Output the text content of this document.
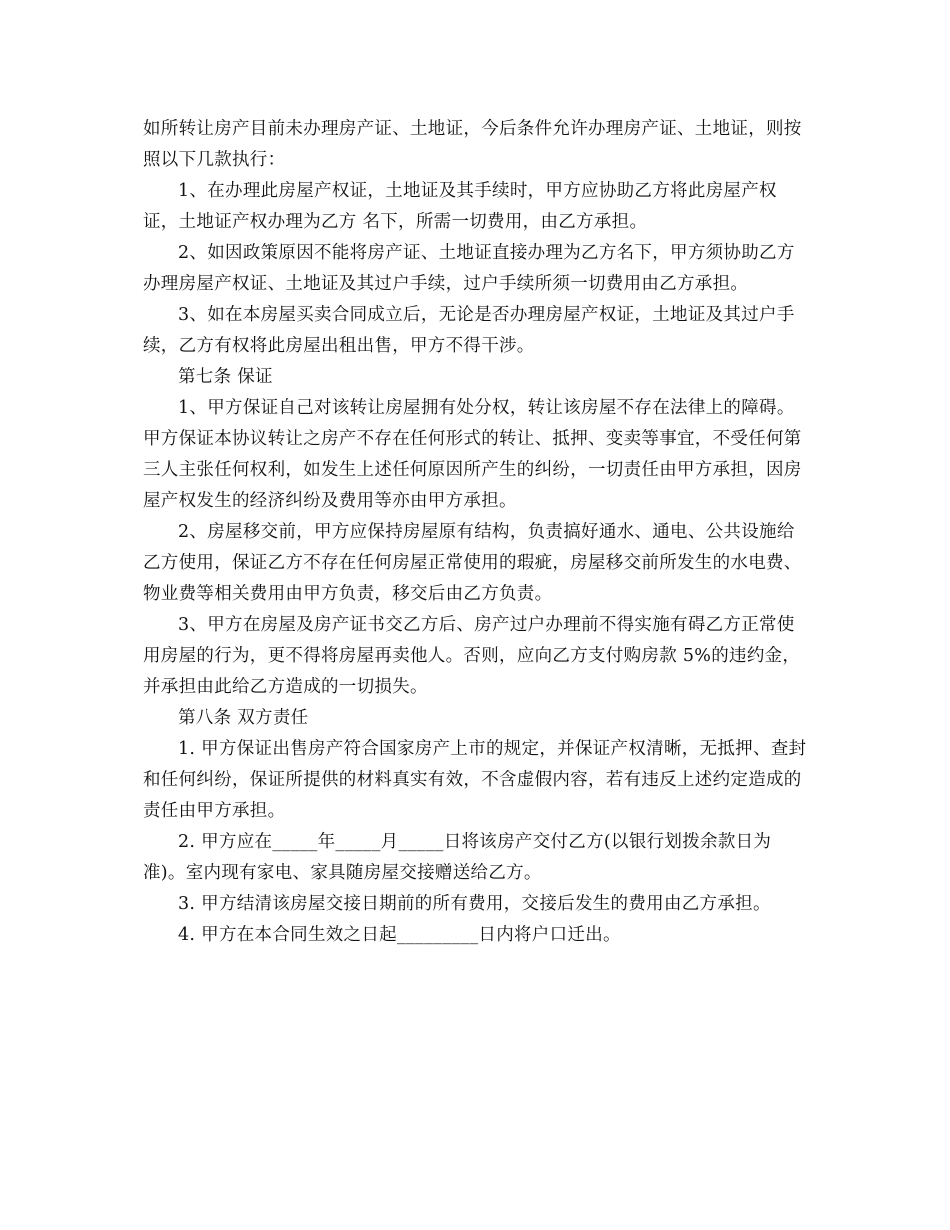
如所转让房产目前未办理房产证、土地证，今后条件允许办理房产证、土地证，则按照以下几款执行：

1、在办理此房屋产权证，土地证及其手续时，甲方应协助乙方将此房屋产权证，土地证产权办理为乙方 名下，所需一切费用，由乙方承担。

2、如因政策原因不能将房产证、土地证直接办理为乙方名下，甲方须协助乙方办理房屋产权证、土地证及其过户手续，过户手续所须一切费用由乙方承担。

3、如在本房屋买卖合同成立后，无论是否办理房屋产权证，土地证及其过户手续，乙方有权将此房屋出租出售，甲方不得干涉。

第七条 保证

1、甲方保证自己对该转让房屋拥有处分权，转让该房屋不存在法律上的障碍。甲方保证本协议转让之房产不存在任何形式的转让、抵押、变卖等事宜，不受任何第三人主张任何权利，如发生上述任何原因所产生的纠纷，一切责任由甲方承担，因房屋产权发生的经济纠纷及费用等亦由甲方承担。

2、房屋移交前，甲方应保持房屋原有结构，负责搞好通水、通电、公共设施给乙方使用，保证乙方不存在任何房屋正常使用的瑕疵，房屋移交前所发生的水电费、物业费等相关费用由甲方负责，移交后由乙方负责。

3、甲方在房屋及房产证书交乙方后、房产过户办理前不得实施有碍乙方正常使用房屋的行为，更不得将房屋再卖他人。否则，应向乙方支付购房款 5%的违约金，并承担由此给乙方造成的一切损失。

第八条 双方责任

1. 甲方保证出售房产符合国家房产上市的规定，并保证产权清晰，无抵押、查封和任何纠纷，保证所提供的材料真实有效，不含虚假内容，若有违反上述约定造成的责任由甲方承担。

2. 甲方应在_____年_____月_____日将该房产交付乙方(以银行划拨余款日为准)。室内现有家电、家具随房屋交接赠送给乙方。

3. 甲方结清该房屋交接日期前的所有费用，交接后发生的费用由乙方承担。

4. 甲方在本合同生效之日起_________日内将户口迁出。
